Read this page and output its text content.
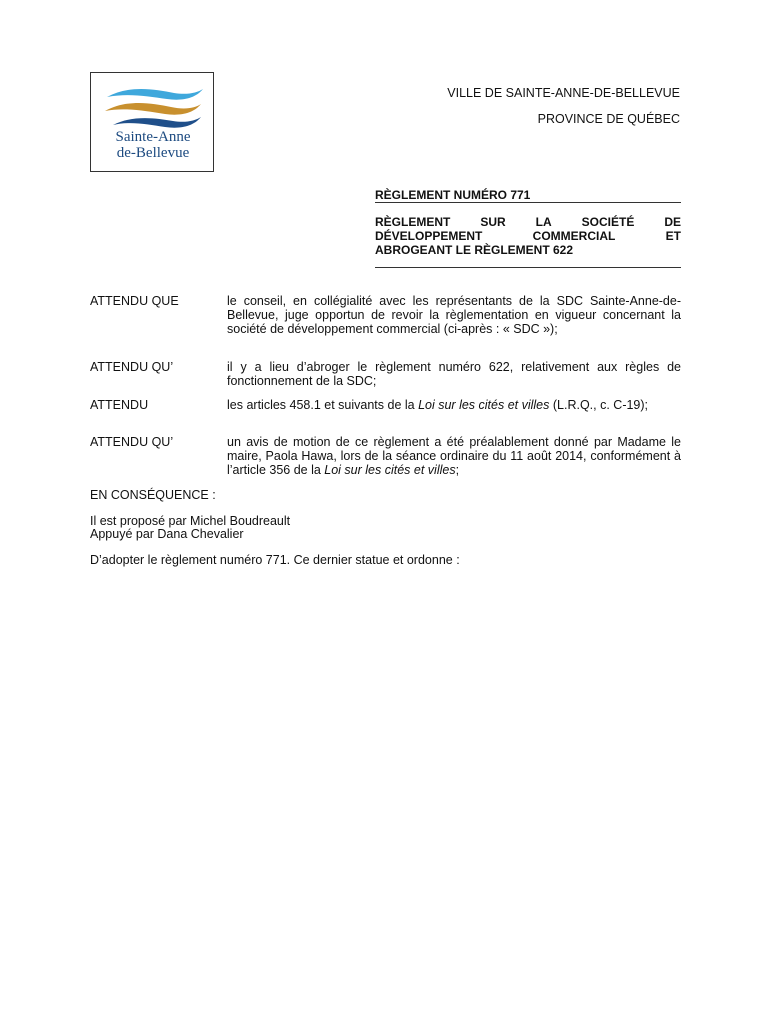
Sainte-Anne
de-Bellevue
VILLE DE SAINTE-ANNE-DE-BELLEVUE
PROVINCE DE QUÉBEC
RÈGLEMENT NUMÉRO 771
RÈGLEMENT SUR LA SOCIÉTÉ DE
DÉVELOPPEMENT	COMMERCIAL	ET
ABROGEANT LE RÈGLEMENT 622
ATTENDU QUE	le conseil, en collégialité avec les représentants de la SDC Sainte-Anne-de-Bellevue, juge opportun de revoir la règlementation en vigueur concernant la société de développement commercial (ci-après : « SDC »);
ATTENDU QU’	il y a lieu d’abroger le règlement numéro 622, relativement aux règles de fonctionnement de la SDC;
ATTENDU	les articles 458.1 et suivants de la Loi sur les cités et villes (L.R.Q., c. C-19);
ATTENDU QU’	un avis de motion de ce règlement a été préalablement donné par Madame le maire, Paola Hawa, lors de la séance ordinaire du 11 août 2014, conformément à l’article 356 de la Loi sur les cités et villes;
EN CONSÉQUENCE :
Il est proposé par Michel Boudreault
Appuyé par Dana Chevalier
D’adopter le règlement numéro 771. Ce dernier statue et ordonne :
